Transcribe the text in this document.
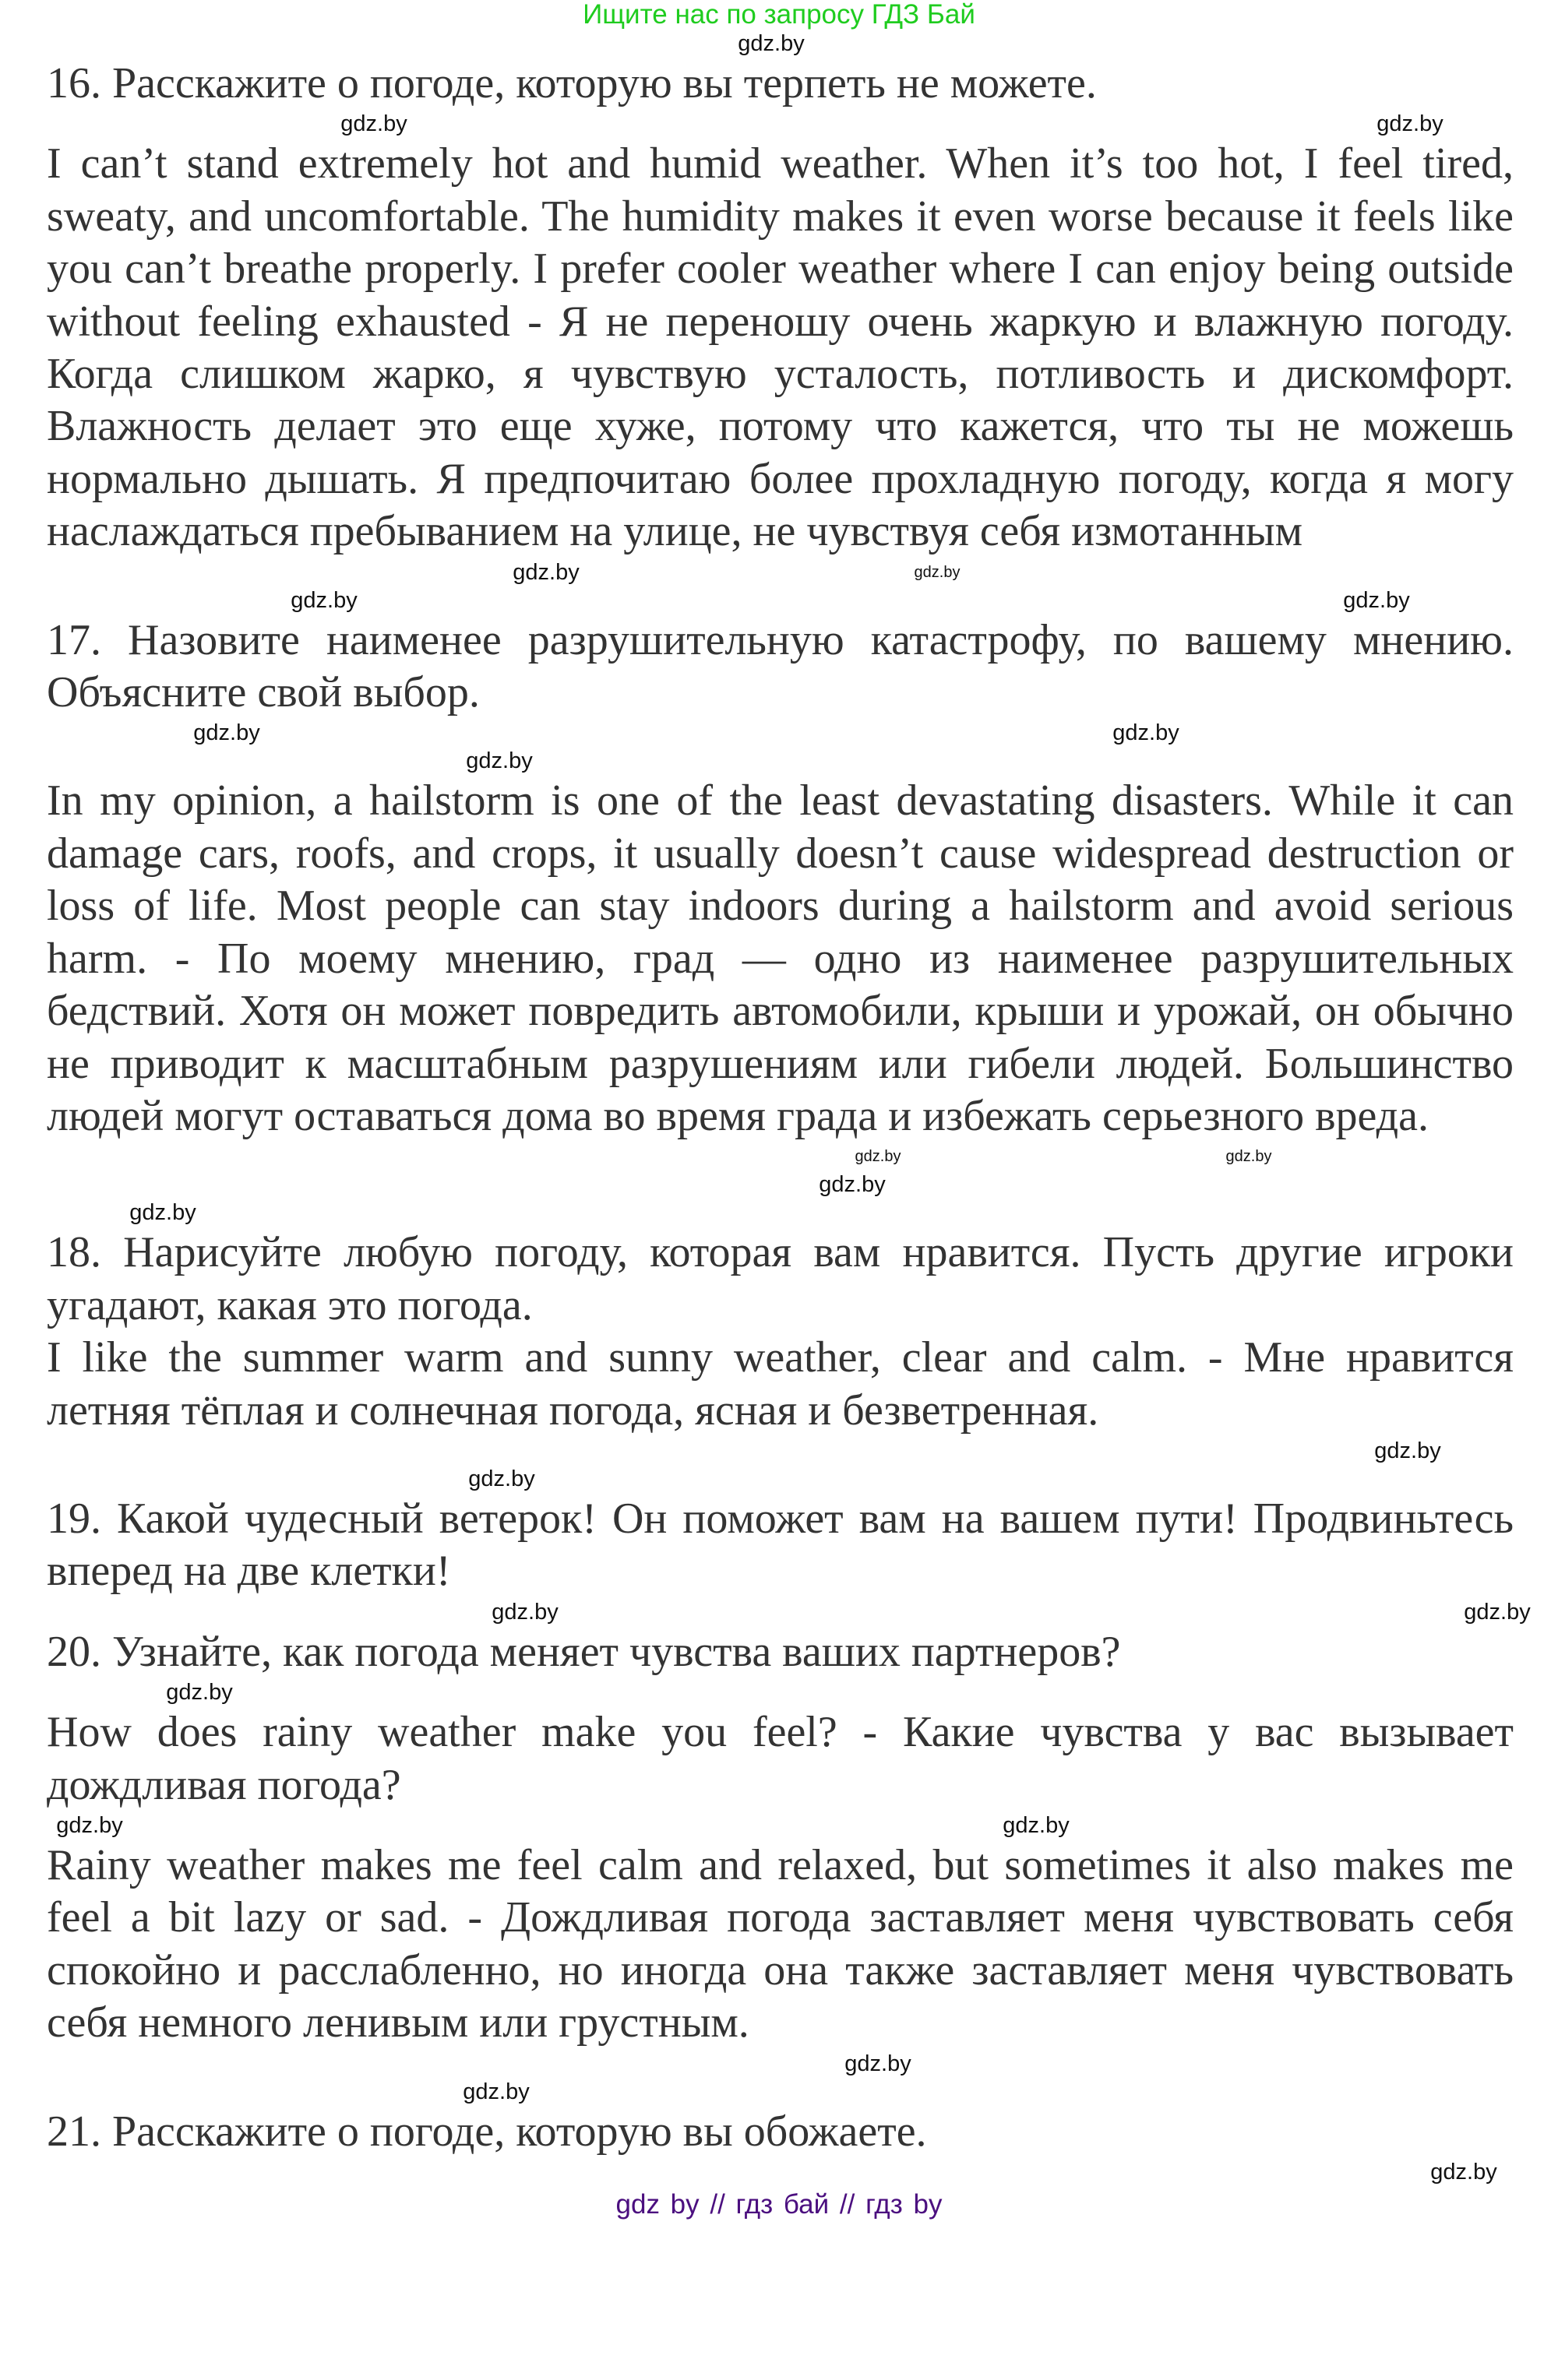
Ищите нас по запросу ГДЗ Бай
gdz.by

16. Расскажите о погоде, которую вы терпеть не можете.

gdz.by	gdz.by

I can’t stand extremely hot and humid weather. When it’s too hot, I feel tired, sweaty, and uncomfortable. The humidity makes it even worse because it feels like you can’t breathe properly. I prefer cooler weather where I can enjoy being outside without feeling exhausted - Я не переношу очень жаркую и влажную погоду. Когда слишком жарко, я чувствую усталость, потливость и дискомфорт. Влажность делает это еще хуже, потому что кажется, что ты не можешь нормально дышать. Я предпочитаю более прохладную погоду, когда я могу наслаждаться пребыванием на улице, не чувствуя себя измотанным

gdz.by	gdz.by
gdz.by	gdz.by

17. Назовите наименее разрушительную катастрофу, по вашему мнению. Объясните свой выбор.

gdz.by	gdz.by
gdz.by

In my opinion, a hailstorm is one of the least devastating disasters. While it can damage cars, roofs, and crops, it usually doesn’t cause widespread destruction or loss of life. Most people can stay indoors during a hailstorm and avoid serious harm. - По моему мнению, град — одно из наименее разрушительных бедствий. Хотя он может повредить автомобили, крыши и урожай, он обычно не приводит к масштабным разрушениям или гибели людей. Большинство людей могут оставаться дома во время града и избежать серьезного вреда.

gdz.by	gdz.by
gdz.by
gdz.by

18. Нарисуйте любую погоду, которая вам нравится. Пусть другие игроки угадают, какая это погода.

I like the summer warm and sunny weather, clear and calm. - Мне нравится летняя тёплая и солнечная погода, ясная и безветренная.

gdz.by
gdz.by

19. Какой чудесный ветерок! Он поможет вам на вашем пути! Продвиньтесь вперед на две клетки!

gdz.by	gdz.by

20. Узнайте, как погода меняет чувства ваших партнеров?

gdz.by

How does rainy weather make you feel? - Какие чувства у вас вызывает дождливая погода?

gdz.by	gdz.by

Rainy weather makes me feel calm and relaxed, but sometimes it also makes me feel a bit lazy or sad. - Дождливая погода заставляет меня чувствовать себя спокойно и расслабленно, но иногда она также заставляет меня чувствовать себя немного ленивым или грустным.

gdz.by
gdz.by

21. Расскажите о погоде, которую вы обожаете.

gdz.by
gdz by // гдз бай // гдз by
